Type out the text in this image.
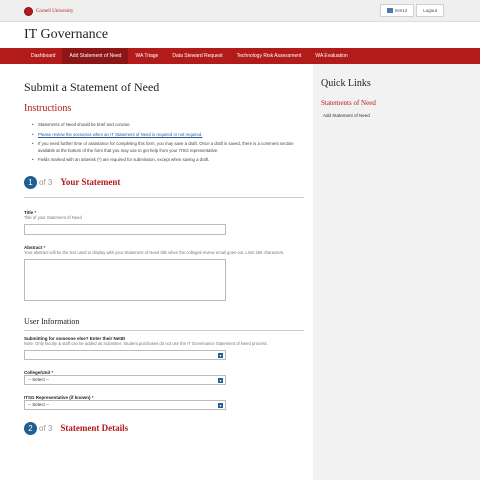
Cornell University	mm12	Logout
IT Governance
Dashboard	Add Statement of Need	WA Triage	Data Steward Request	Technology Risk Assessment	WA Evaluation
Submit a Statement of Need
Instructions
• Statements of Need should be brief and concise.
• Please review the scenarios when an IT Statement of Need is required or not required.
• If you need further time or assistance for completing this form, you may save a draft. Once a draft is saved, there is a comment section available at the bottom of the form that you may use to get help from your ITSG representative.
• Fields marked with an asterisk (*) are required for submission, except when saving a draft.
1 of 3 Your Statement
Title *
Title of your Statement of Need
Abstract *
Your abstract will be the text used to display with your Statement of Need title when the collegial review email goes out. Limit 255 characters.
User Information
Submitting for someone else? Enter their NetID
Note: Only faculty & staff can be added as Submitter. Student purchases do not use the IT Governance Statement of Need process.
▾
College/Unit *
-- Select --	▾
ITSG Representative (if known) *
-- Select --	▾
2 of 3 Statement Details
Quick Links
Statements of Need
Add Statement of Need
